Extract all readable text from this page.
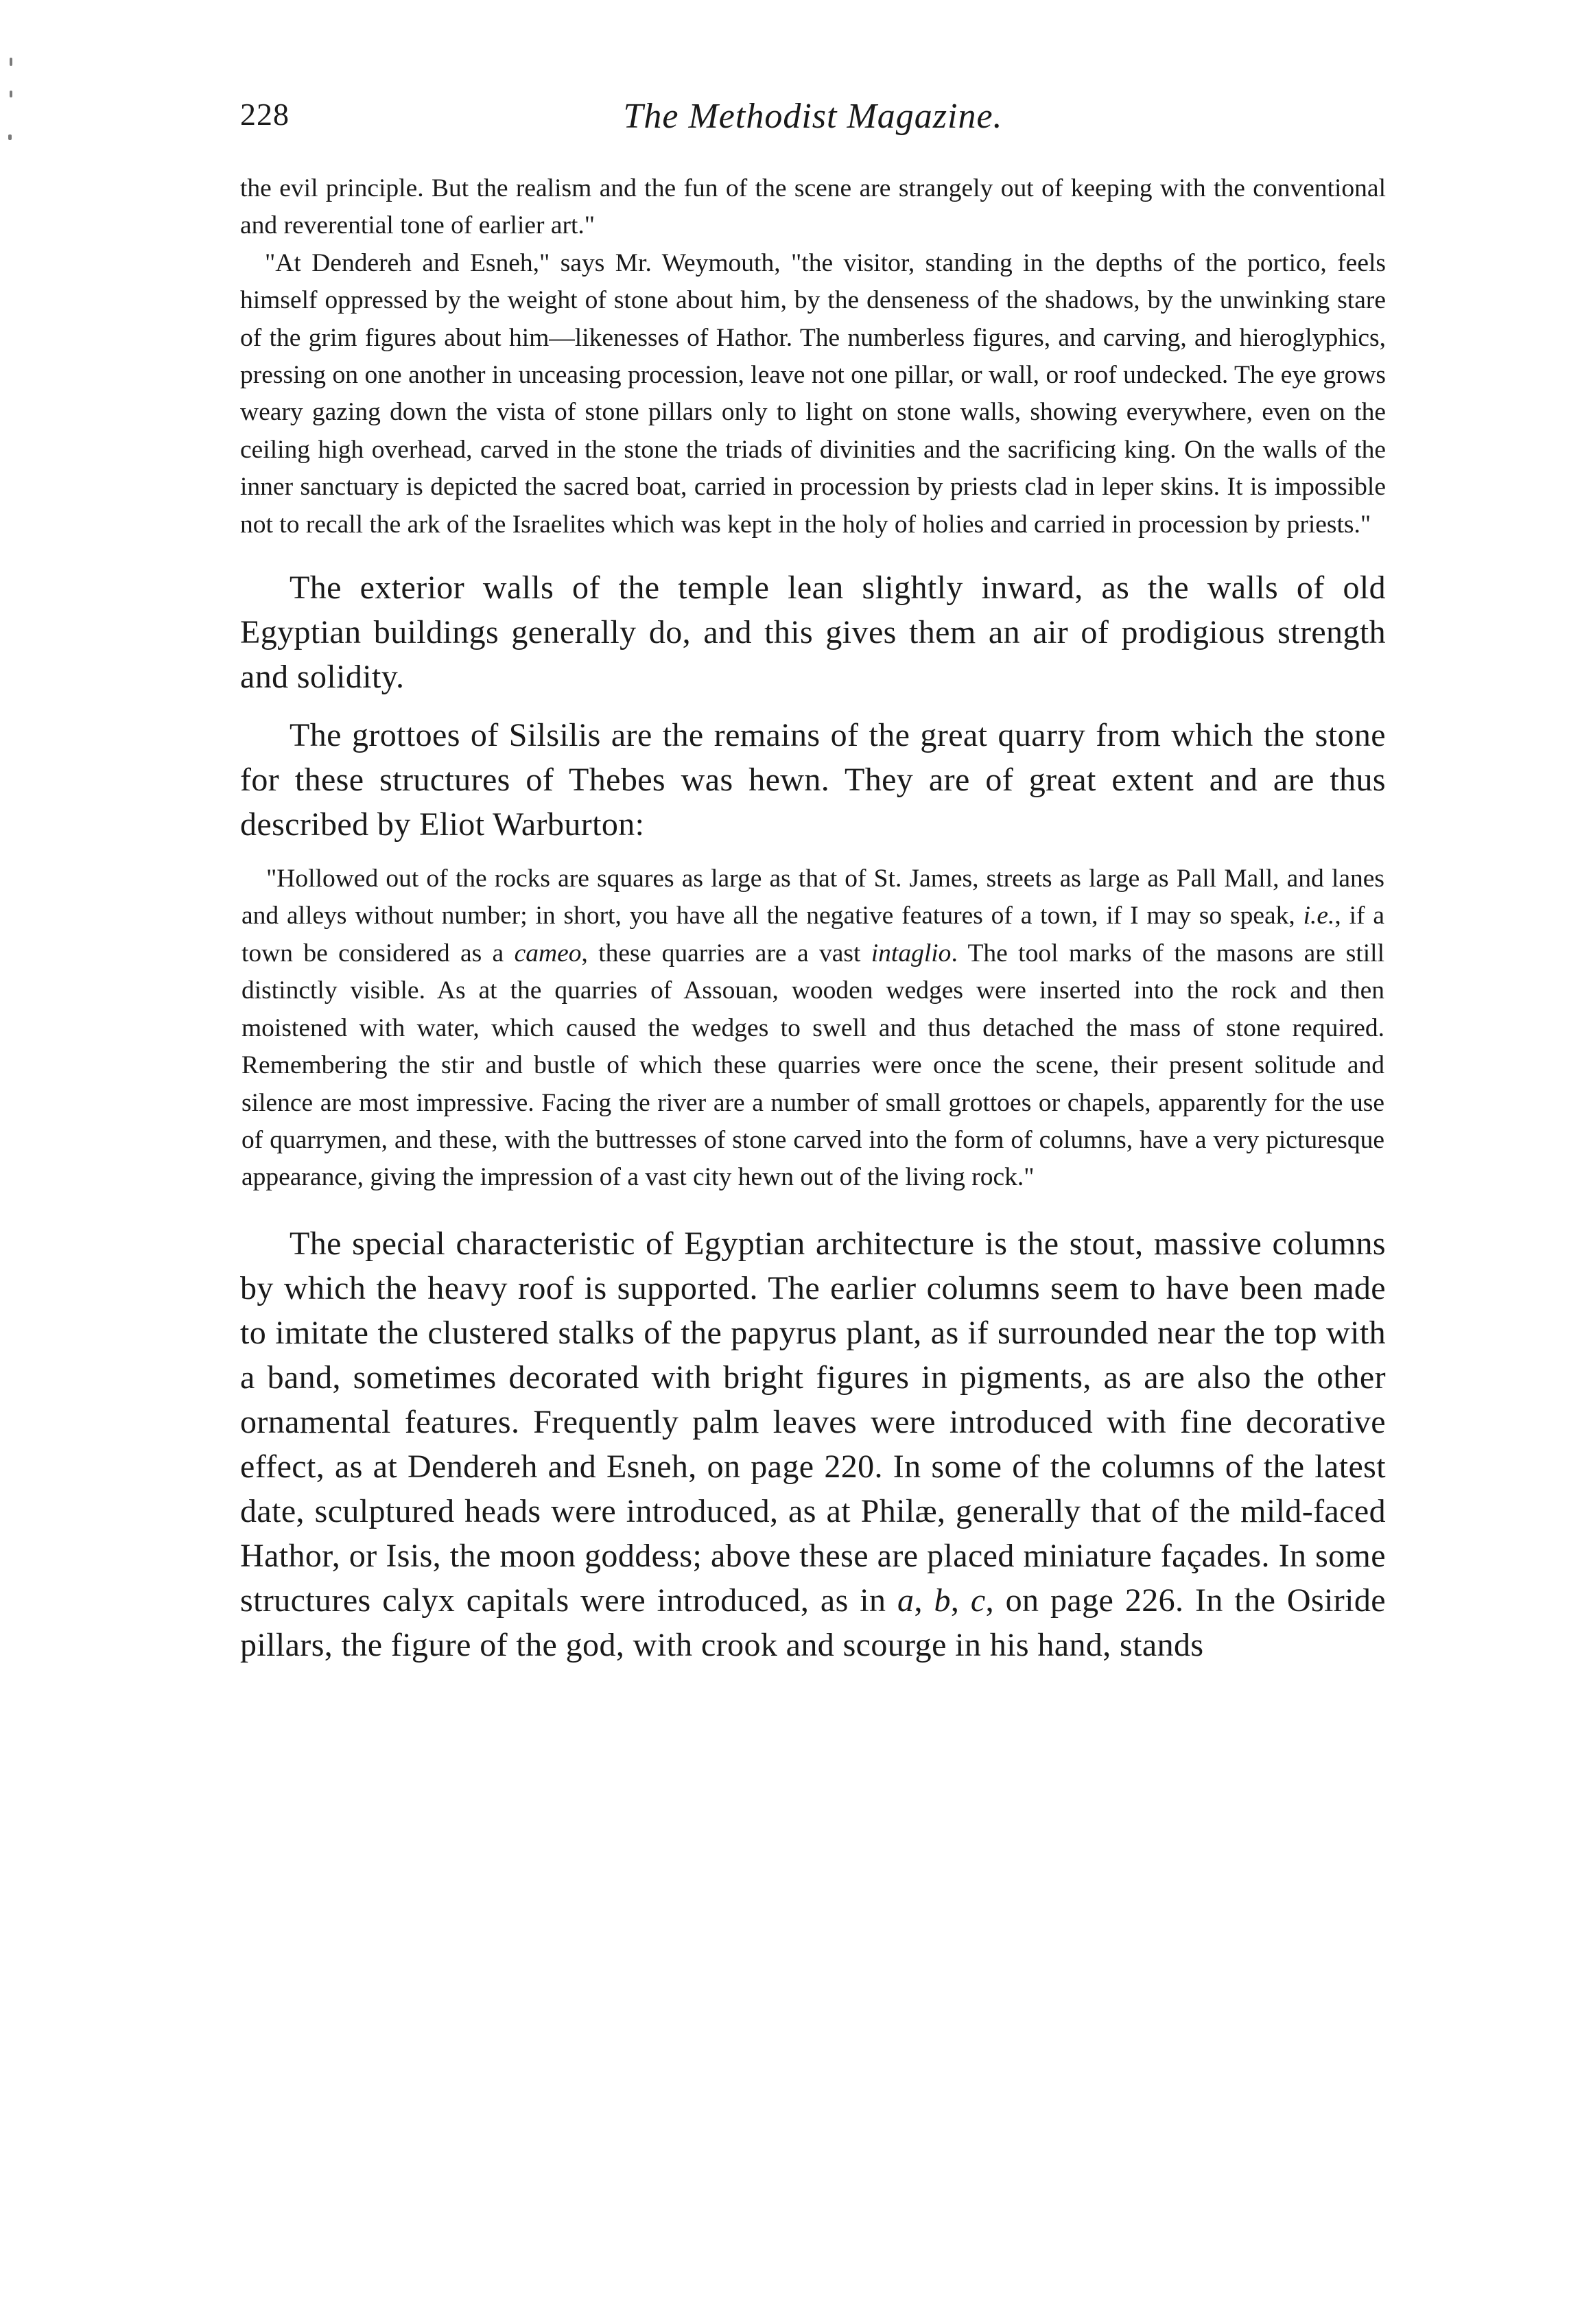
228	The Methodist Magazine.

the evil principle. But the realism and the fun of the scene are strangely out of keeping with the conventional and reverential tone of earlier art."

"At Dendereh and Esneh," says Mr. Weymouth, "the visitor, standing in the depths of the portico, feels himself oppressed by the weight of stone about him, by the denseness of the shadows, by the unwinking stare of the grim figures about him—likenesses of Hathor. The numberless figures, and carving, and hieroglyphics, pressing on one another in unceasing procession, leave not one pillar, or wall, or roof undecked. The eye grows weary gazing down the vista of stone pillars only to light on stone walls, showing everywhere, even on the ceiling high overhead, carved in the stone the triads of divinities and the sacrificing king. On the walls of the inner sanctuary is depicted the sacred boat, carried in procession by priests clad in leper skins. It is impossible not to recall the ark of the Israelites which was kept in the holy of holies and carried in procession by priests."

The exterior walls of the temple lean slightly inward, as the walls of old Egyptian buildings generally do, and this gives them an air of prodigious strength and solidity.

The grottoes of Silsilis are the remains of the great quarry from which the stone for these structures of Thebes was hewn. They are of great extent and are thus described by Eliot Warburton:

"Hollowed out of the rocks are squares as large as that of St. James, streets as large as Pall Mall, and lanes and alleys without number; in short, you have all the negative features of a town, if I may so speak, i.e., if a town be considered as a cameo, these quarries are a vast intaglio. The tool marks of the masons are still distinctly visible. As at the quarries of Assouan, wooden wedges were inserted into the rock and then moistened with water, which caused the wedges to swell and thus detached the mass of stone required. Remembering the stir and bustle of which these quarries were once the scene, their present solitude and silence are most impressive. Facing the river are a number of small grottoes or chapels, apparently for the use of quarrymen, and these, with the buttresses of stone carved into the form of columns, have a very picturesque appearance, giving the impression of a vast city hewn out of the living rock."

The special characteristic of Egyptian architecture is the stout, massive columns by which the heavy roof is supported. The earlier columns seem to have been made to imitate the clustered stalks of the papyrus plant, as if surrounded near the top with a band, sometimes decorated with bright figures in pigments, as are also the other ornamental features. Frequently palm leaves were introduced with fine decorative effect, as at Dendereh and Esneh, on page 220. In some of the columns of the latest date, sculptured heads were introduced, as at Philæ, generally that of the mild-faced Hathor, or Isis, the moon goddess; above these are placed miniature façades. In some structures calyx capitals were introduced, as in a, b, c, on page 226. In the Osiride pillars, the figure of the god, with crook and scourge in his hand, stands
